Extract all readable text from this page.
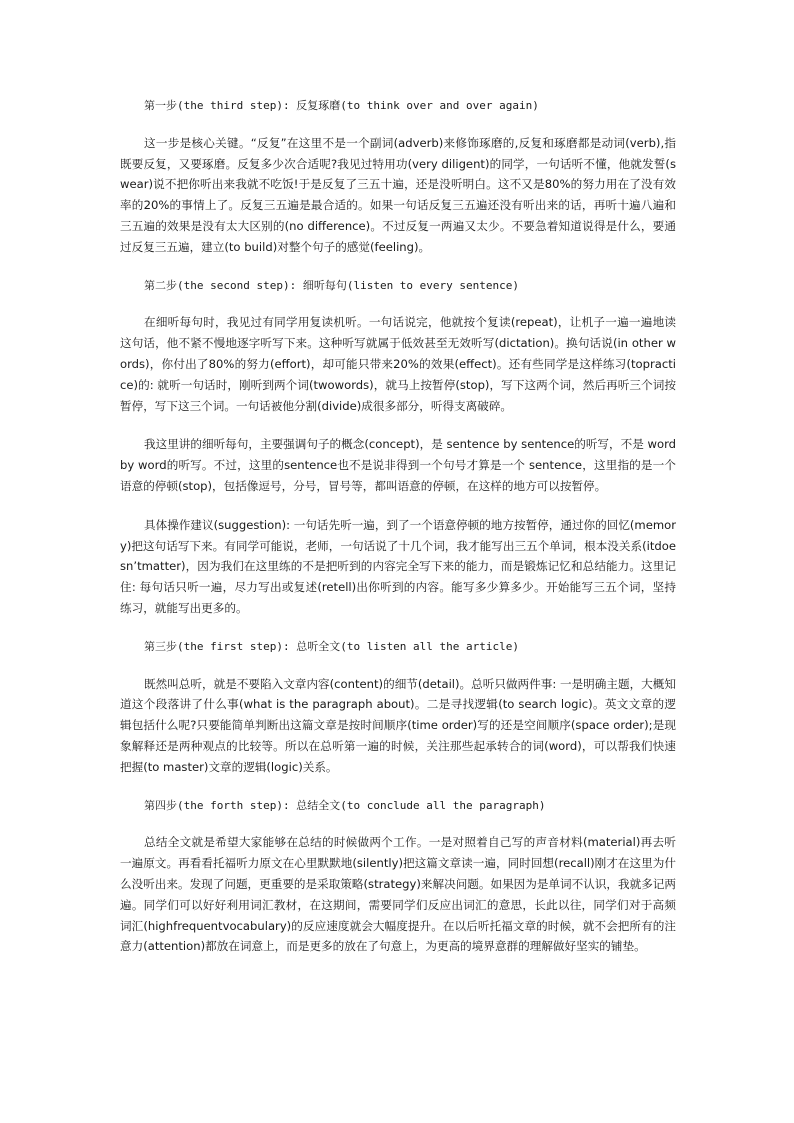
第一步(the third step): 反复琢磨(to think over and over again)

这一步是核心关键。“反复”在这里不是一个副词(adverb)来修饰琢磨的,反复和琢磨都是动词(verb),指既要反复，又要琢磨。反复多少次合适呢?我见过特用功(very diligent)的同学，一句话听不懂，他就发誓(swear)说不把你听出来我就不吃饭!于是反复了三五十遍，还是没听明白。这不又是80%的努力用在了没有效率的20%的事情上了。反复三五遍是最合适的。如果一句话反复三五遍还没有听出来的话，再听十遍八遍和三五遍的效果是没有太大区别的(no difference)。不过反复一两遍又太少。不要急着知道说得是什么，要通过反复三五遍，建立(to build)对整个句子的感觉(feeling)。

第二步(the second step): 细听每句(listen to every sentence)

在细听每句时，我见过有同学用复读机听。一句话说完，他就按个复读(repeat)，让机子一遍一遍地读这句话，他不紧不慢地逐字听写下来。这种听写就属于低效甚至无效听写(dictation)。换句话说(in other words)，你付出了80%的努力(effort)，却可能只带来20%的效果(effect)。还有些同学是这样练习(topractice)的: 就听一句话时，刚听到两个词(twowords)，就马上按暂停(stop)，写下这两个词，然后再听三个词按暂停，写下这三个词。一句话被他分割(divide)成很多部分，听得支离破碎。

我这里讲的细听每句，主要强调句子的概念(concept)，是 sentence by sentence的听写，不是 word by word的听写。不过，这里的sentence也不是说非得到一个句号才算是一个 sentence，这里指的是一个语意的停顿(stop)，包括像逗号，分号，冒号等，都叫语意的停顿，在这样的地方可以按暂停。

具体操作建议(suggestion): 一句话先听一遍，到了一个语意停顿的地方按暂停，通过你的回忆(memory)把这句话写下来。有同学可能说，老师，一句话说了十几个词，我才能写出三五个单词，根本没关系(itdoesn’tmatter)，因为我们在这里练的不是把听到的内容完全写下来的能力，而是锻炼记忆和总结能力。这里记住: 每句话只听一遍，尽力写出或复述(retell)出你听到的内容。能写多少算多少。开始能写三五个词，坚持练习，就能写出更多的。

第三步(the first step): 总听全文(to listen all the article)

既然叫总听，就是不要陷入文章内容(content)的细节(detail)。总听只做两件事: 一是明确主题，大概知道这个段落讲了什么事(what is the paragraph about)。二是寻找逻辑(to search logic)。英文文章的逻辑包括什么呢?只要能简单判断出这篇文章是按时间顺序(time order)写的还是空间顺序(space order);是现象解释还是两种观点的比较等。所以在总听第一遍的时候，关注那些起承转合的词(word)，可以帮我们快速把握(to master)文章的逻辑(logic)关系。

第四步(the forth step): 总结全文(to conclude all the paragraph)

总结全文就是希望大家能够在总结的时候做两个工作。一是对照着自己写的声音材料(material)再去听一遍原文。再看看托福听力原文在心里默默地(silently)把这篇文章读一遍，同时回想(recall)刚才在这里为什么没听出来。发现了问题，更重要的是采取策略(strategy)来解决问题。如果因为是单词不认识，我就多记两遍。同学们可以好好利用词汇教材，在这期间，需要同学们反应出词汇的意思，长此以往，同学们对于高频词汇(highfrequentvocabulary)的反应速度就会大幅度提升。在以后听托福文章的时候，就不会把所有的注意力(attention)都放在词意上，而是更多的放在了句意上，为更高的境界意群的理解做好坚实的铺垫。
